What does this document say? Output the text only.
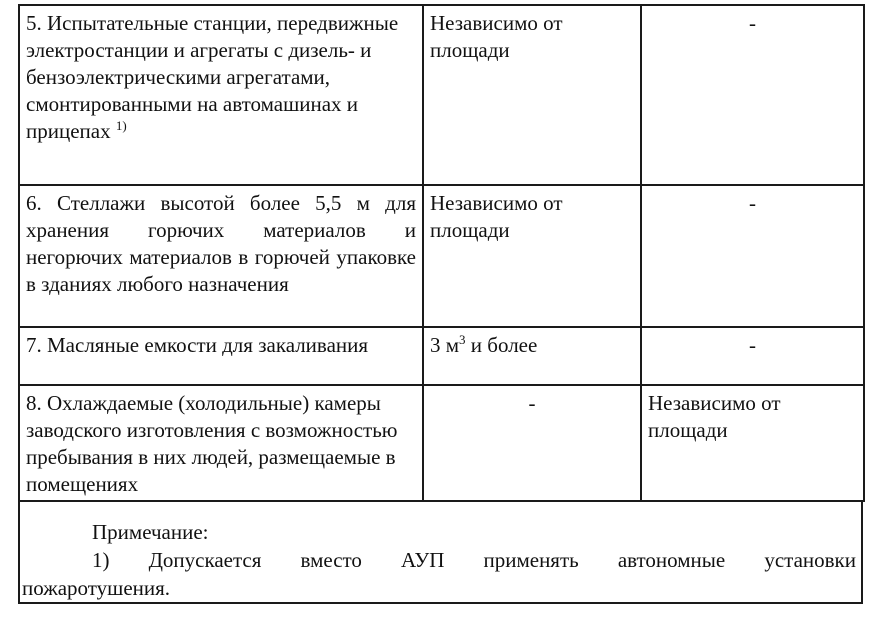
5. Испытательные станции, передвижные электростанции и агрегаты с дизель- и бензоэлектрическими агрегатами, смонтированными на автомашинах и прицепах $^{1)}$	Независимо от площади	-
6. Стеллажи высотой более 5,5 м для хранения горючих материалов и негорючих материалов в горючей упаковке в зданиях любого назначения	Независимо от площади	-
7. Масляные емкости для закаливания	3 $м^3$ и более	-
8. Охлаждаемые (холодильные) камеры заводского изготовления с возможностью пребывания в них людей, размещаемые в помещениях	-	Независимо от площади
Примечание:
1) Допускается вместо АУП применять автономные установки пожаротушения.
